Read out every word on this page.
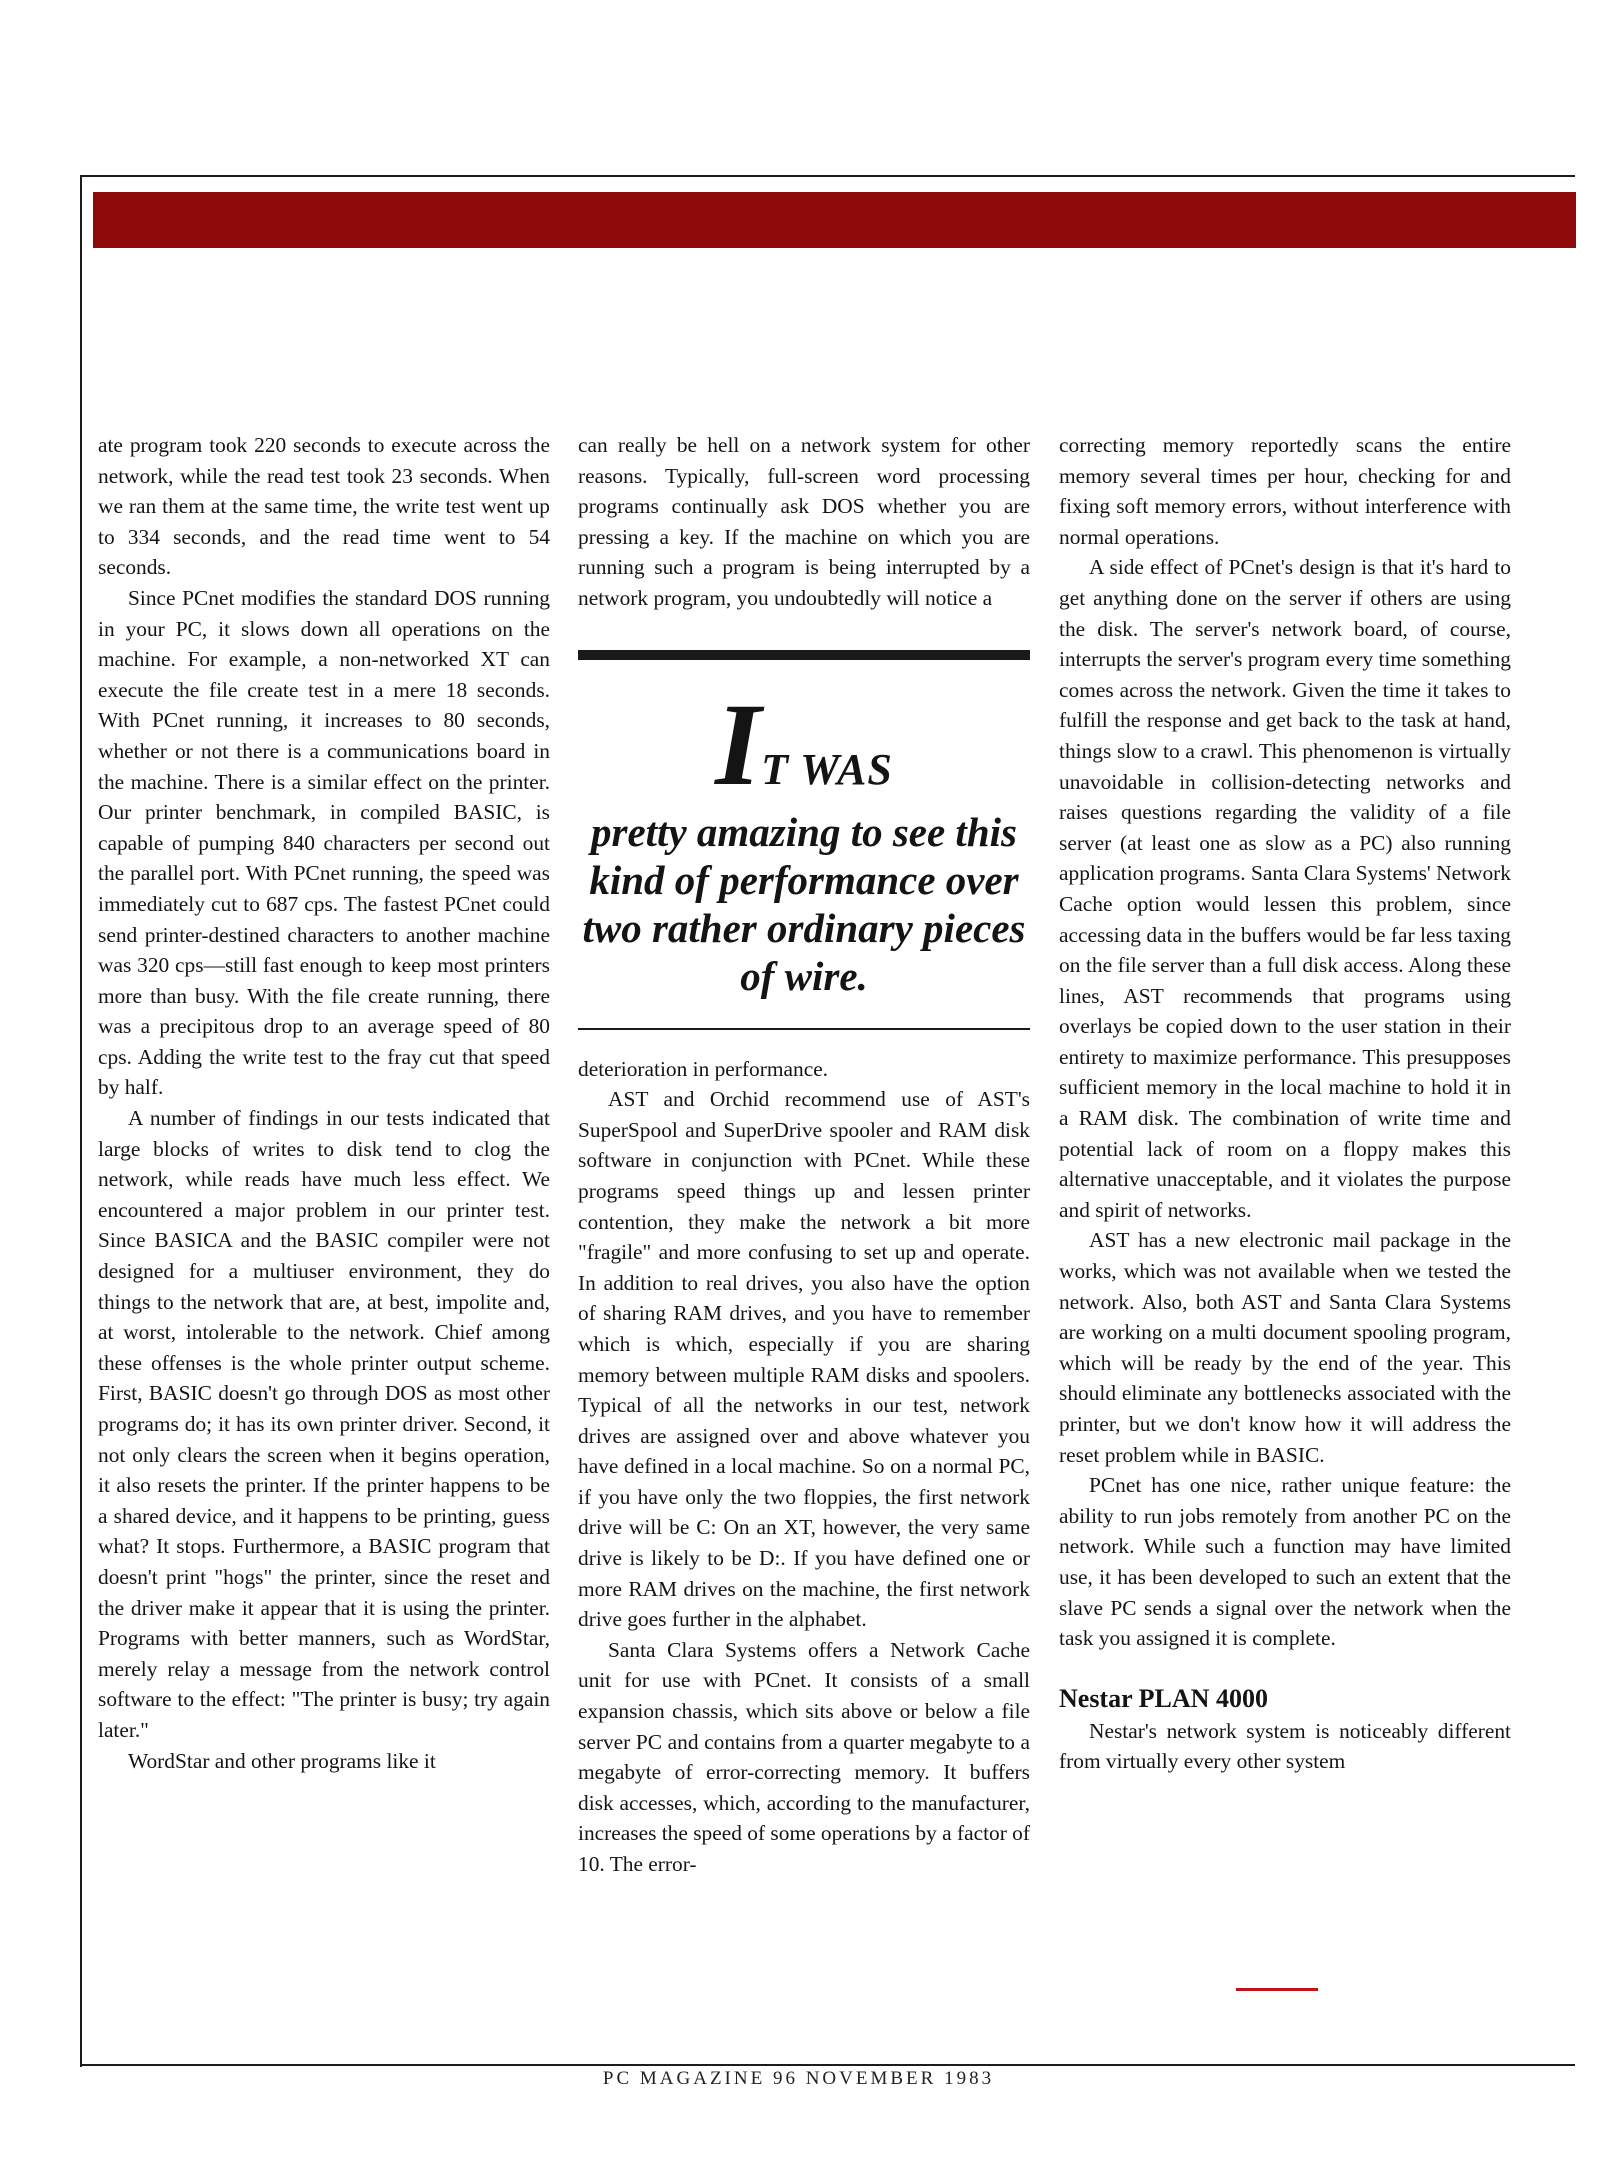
ate program took 220 seconds to execute across the network, while the read test took 23 seconds. When we ran them at the same time, the write test went up to 334 seconds, and the read time went to 54 seconds.

Since PCnet modifies the standard DOS running in your PC, it slows down all operations on the machine. For example, a non-networked XT can execute the file create test in a mere 18 seconds. With PCnet running, it increases to 80 seconds, whether or not there is a communications board in the machine. There is a similar effect on the printer. Our printer benchmark, in compiled BASIC, is capable of pumping 840 characters per second out the parallel port. With PCnet running, the speed was immediately cut to 687 cps. The fastest PCnet could send printer-destined characters to another machine was 320 cps—still fast enough to keep most printers more than busy. With the file create running, there was a precipitous drop to an average speed of 80 cps. Adding the write test to the fray cut that speed by half.

A number of findings in our tests indicated that large blocks of writes to disk tend to clog the network, while reads have much less effect. We encountered a major problem in our printer test. Since BASICA and the BASIC compiler were not designed for a multiuser environment, they do things to the network that are, at best, impolite and, at worst, intolerable to the network. Chief among these offenses is the whole printer output scheme. First, BASIC doesn't go through DOS as most other programs do; it has its own printer driver. Second, it not only clears the screen when it begins operation, it also resets the printer. If the printer happens to be a shared device, and it happens to be printing, guess what? It stops. Furthermore, a BASIC program that doesn't print "hogs" the printer, since the reset and the driver make it appear that it is using the printer. Programs with better manners, such as WordStar, merely relay a message from the network control software to the effect: "The printer is busy; try again later."

WordStar and other programs like it

can really be hell on a network system for other reasons. Typically, full-screen word processing programs continually ask DOS whether you are pressing a key. If the machine on which you are running such a program is being interrupted by a network program, you undoubtedly will notice a

IT WAS
pretty amazing to see this kind of performance over two rather ordinary pieces of wire.

deterioration in performance.

AST and Orchid recommend use of AST's SuperSpool and SuperDrive spooler and RAM disk software in conjunction with PCnet. While these programs speed things up and lessen printer contention, they make the network a bit more "fragile" and more confusing to set up and operate. In addition to real drives, you also have the option of sharing RAM drives, and you have to remember which is which, especially if you are sharing memory between multiple RAM disks and spoolers. Typical of all the networks in our test, network drives are assigned over and above whatever you have defined in a local machine. So on a normal PC, if you have only the two floppies, the first network drive will be C: On an XT, however, the very same drive is likely to be D:. If you have defined one or more RAM drives on the machine, the first network drive goes further in the alphabet.

Santa Clara Systems offers a Network Cache unit for use with PCnet. It consists of a small expansion chassis, which sits above or below a file server PC and contains from a quarter megabyte to a megabyte of error-correcting memory. It buffers disk accesses, which, according to the manufacturer, increases the speed of some operations by a factor of 10. The error-

correcting memory reportedly scans the entire memory several times per hour, checking for and fixing soft memory errors, without interference with normal operations.

A side effect of PCnet's design is that it's hard to get anything done on the server if others are using the disk. The server's network board, of course, interrupts the server's program every time something comes across the network. Given the time it takes to fulfill the response and get back to the task at hand, things slow to a crawl. This phenomenon is virtually unavoidable in collision-detecting networks and raises questions regarding the validity of a file server (at least one as slow as a PC) also running application programs. Santa Clara Systems' Network Cache option would lessen this problem, since accessing data in the buffers would be far less taxing on the file server than a full disk access. Along these lines, AST recommends that programs using overlays be copied down to the user station in their entirety to maximize performance. This presupposes sufficient memory in the local machine to hold it in a RAM disk. The combination of write time and potential lack of room on a floppy makes this alternative unacceptable, and it violates the purpose and spirit of networks.

AST has a new electronic mail package in the works, which was not available when we tested the network. Also, both AST and Santa Clara Systems are working on a multi document spooling program, which will be ready by the end of the year. This should eliminate any bottlenecks associated with the printer, but we don't know how it will address the reset problem while in BASIC.

PCnet has one nice, rather unique feature: the ability to run jobs remotely from another PC on the network. While such a function may have limited use, it has been developed to such an extent that the slave PC sends a signal over the network when the task you assigned it is complete.

Nestar PLAN 4000

Nestar's network system is noticeably different from virtually every other system

PC MAGAZINE 96 NOVEMBER 1983
